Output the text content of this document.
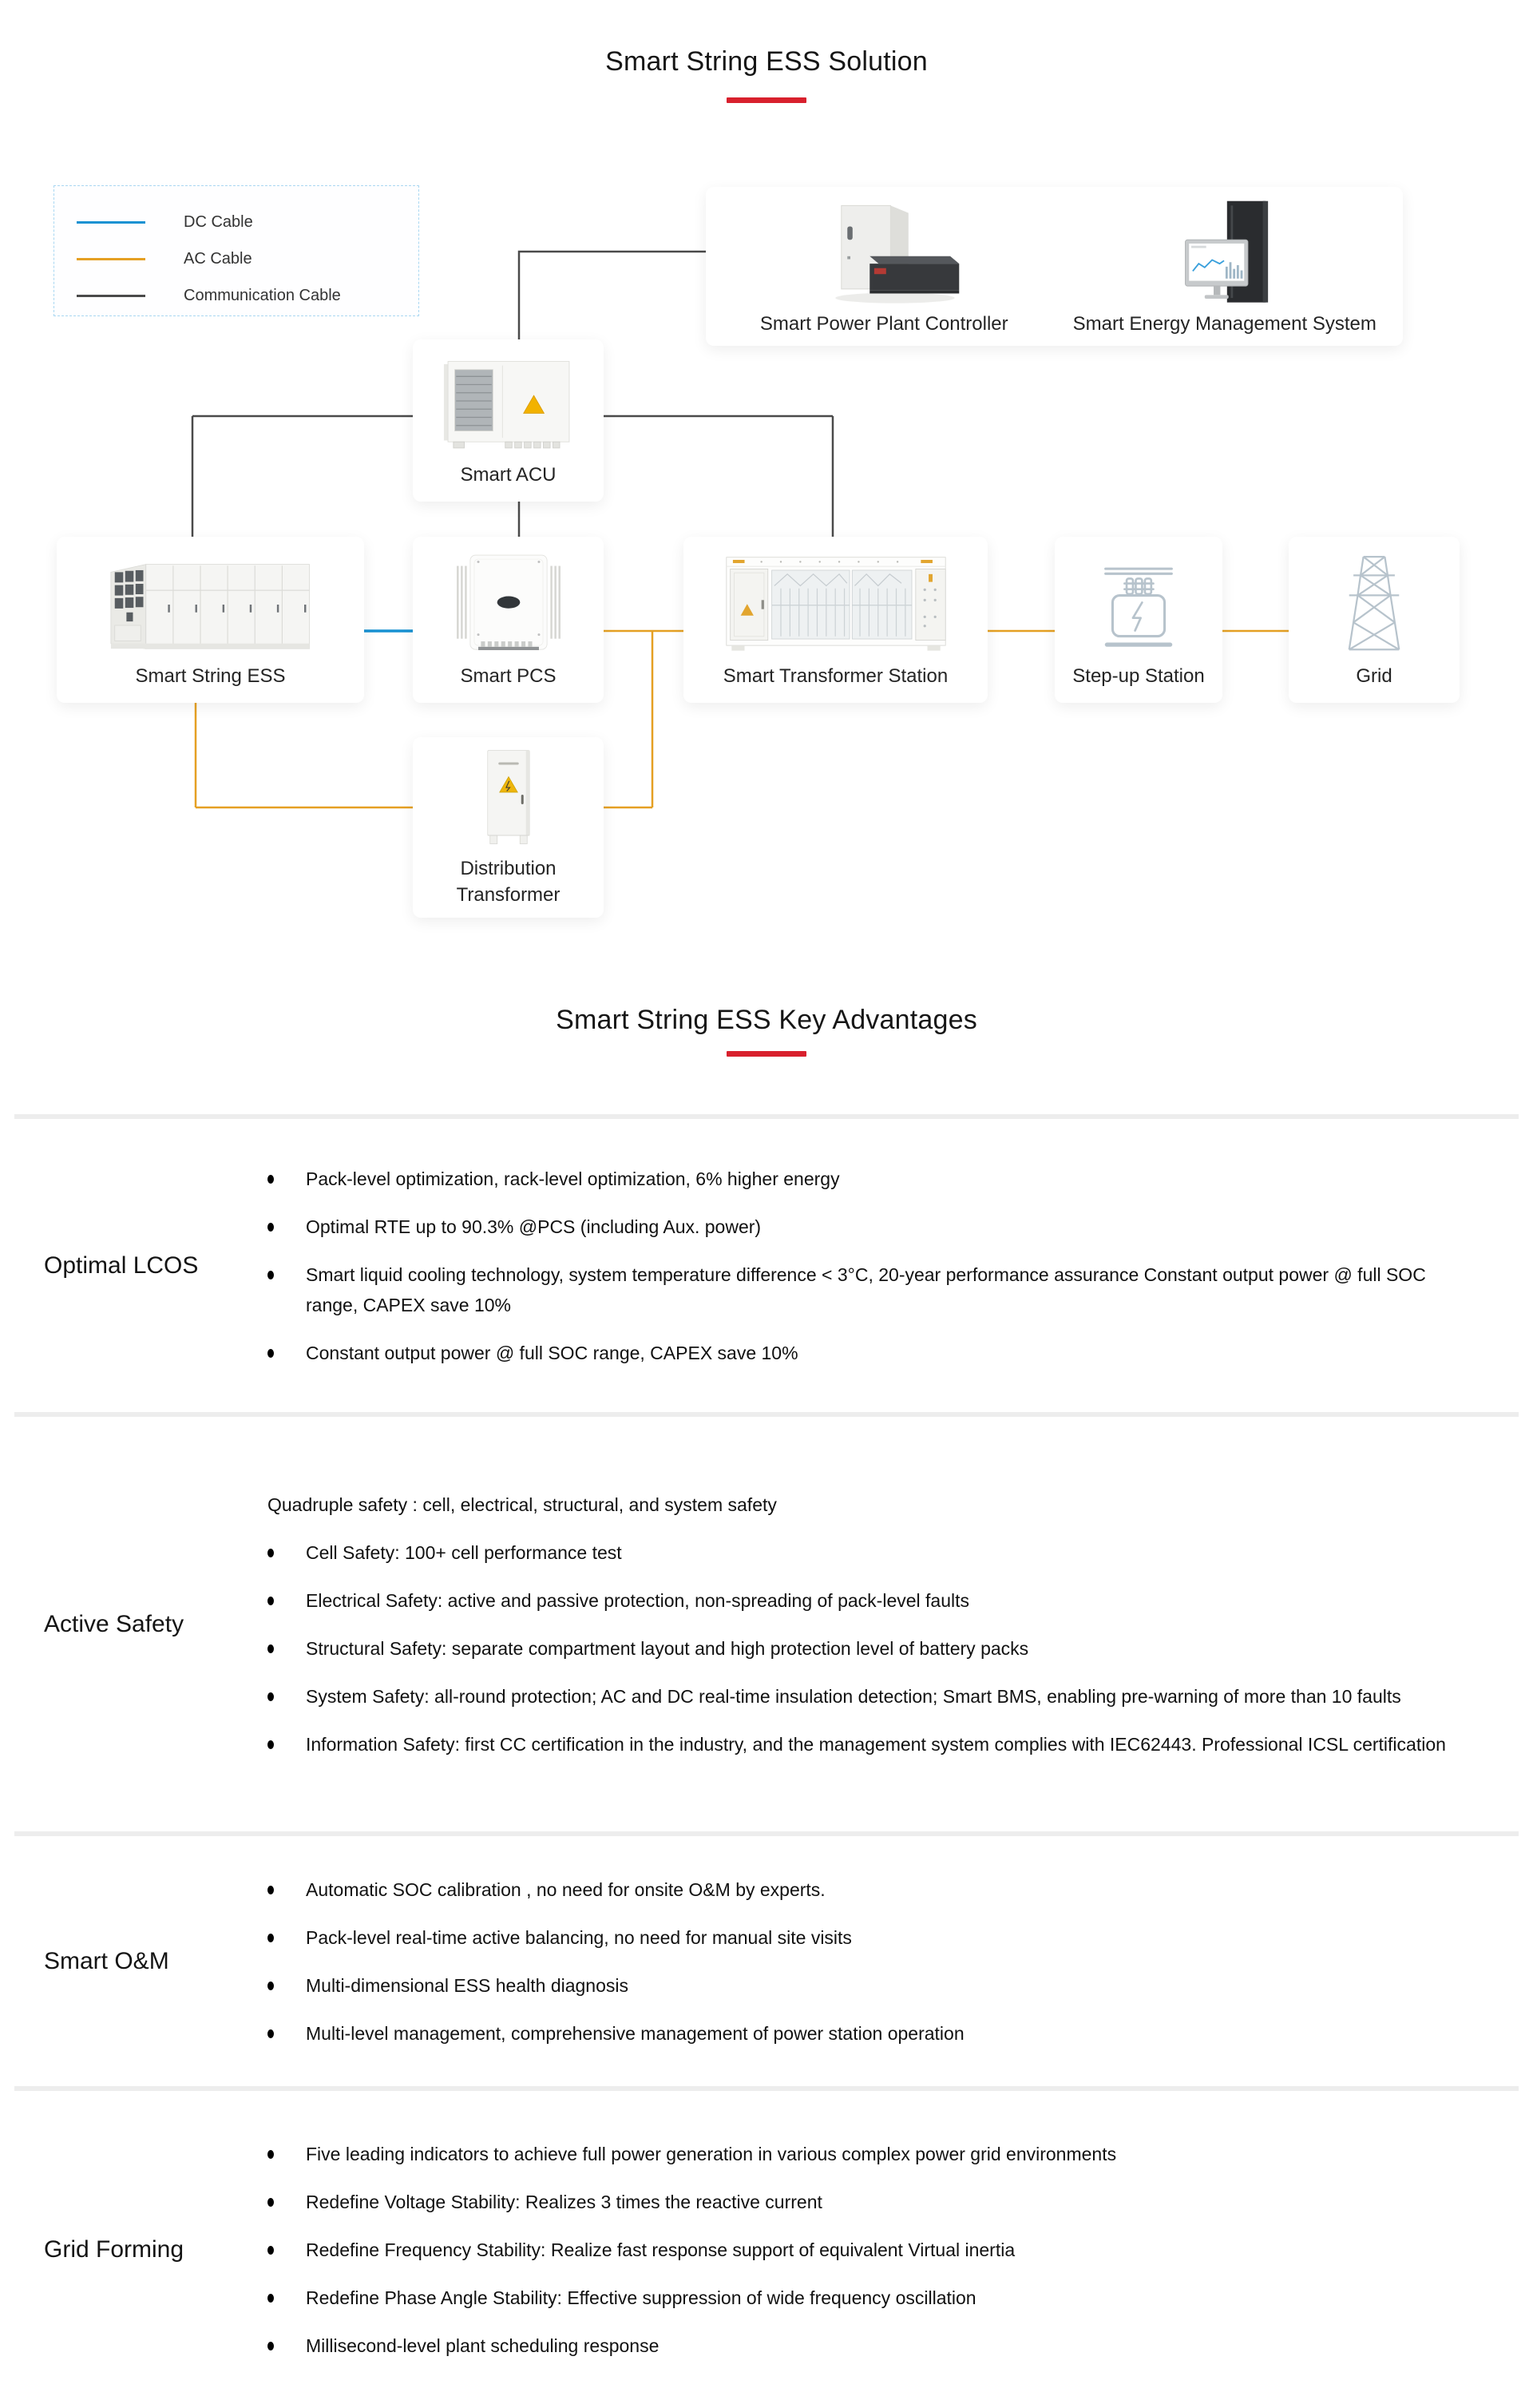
Smart String ESS Solution
DC Cable
AC Cable
Communication Cable
Smart Power Plant Controller	Smart Energy Management System
Smart ACU
Smart String ESS	Smart PCS	Smart Transformer Station	Step-up Station	Grid
Distribution
Transformer
Smart String ESS Key Advantages
Optimal LCOS
Pack-level optimization, rack-level optimization, 6% higher energy
Optimal RTE up to 90.3% @PCS (including Aux. power)
Smart liquid cooling technology, system temperature difference < 3°C, 20-year performance assurance Constant output power @ full SOC range, CAPEX save 10%
Constant output power @ full SOC range, CAPEX save 10%
Active Safety
Quadruple safety : cell, electrical, structural, and system safety
Cell Safety: 100+ cell performance test
Electrical Safety: active and passive protection, non-spreading of pack-level faults
Structural Safety: separate compartment layout and high protection level of battery packs
System Safety: all-round protection; AC and DC real-time insulation detection; Smart BMS, enabling pre-warning of more than 10 faults
Information Safety: first CC certification in the industry, and the management system complies with IEC62443. Professional ICSL certification
Smart O&M
Automatic SOC calibration , no need for onsite O&M by experts.
Pack-level real-time active balancing, no need for manual site visits
Multi-dimensional ESS health diagnosis
Multi-level management, comprehensive management of power station operation
Grid Forming
Five leading indicators to achieve full power generation in various complex power grid environments
Redefine Voltage Stability: Realizes 3 times the reactive current
Redefine Frequency Stability: Realize fast response support of equivalent Virtual inertia
Redefine Phase Angle Stability: Effective suppression of wide frequency oscillation
Millisecond-level plant scheduling response
